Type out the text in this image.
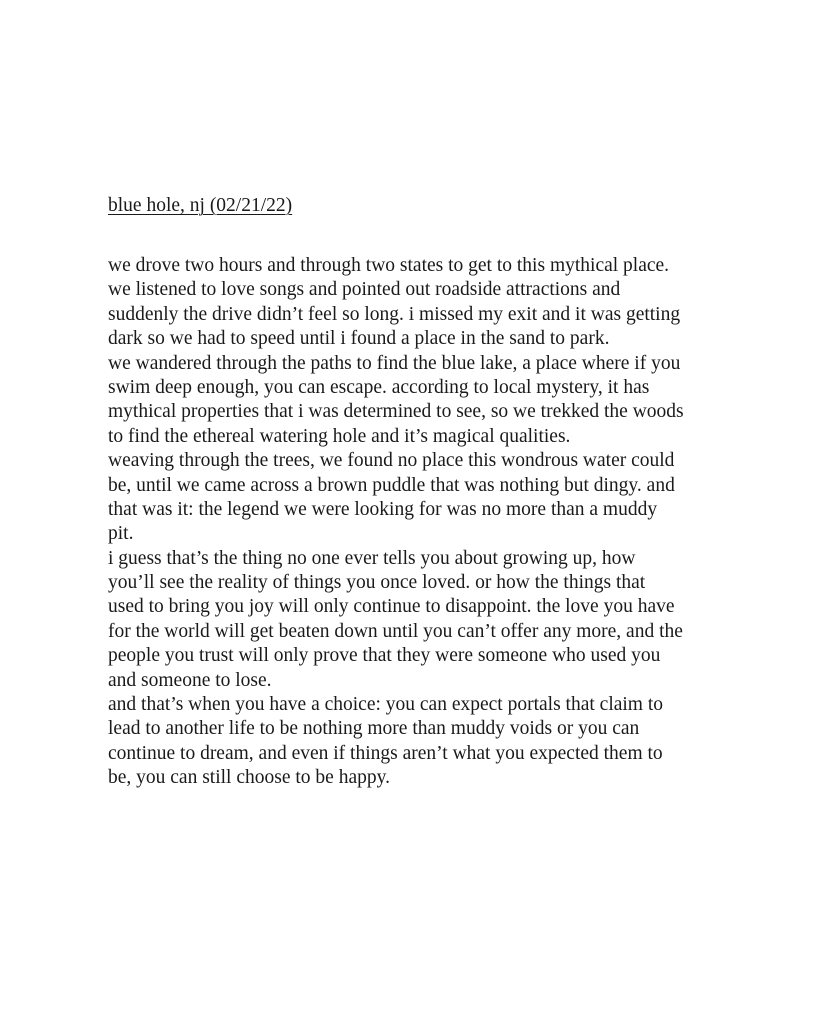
blue hole, nj (02/21/22)
we drove two hours and through two states to get to this mythical place.
we listened to love songs and pointed out roadside attractions and
suddenly the drive didn’t feel so long. i missed my exit and it was getting
dark so we had to speed until i found a place in the sand to park.
we wandered through the paths to find the blue lake, a place where if you
swim deep enough, you can escape. according to local mystery, it has
mythical properties that i was determined to see, so we trekked the woods
to find the ethereal watering hole and it’s magical qualities.
weaving through the trees, we found no place this wondrous water could
be, until we came across a brown puddle that was nothing but dingy. and
that was it: the legend we were looking for was no more than a muddy
pit.
i guess that’s the thing no one ever tells you about growing up, how
you’ll see the reality of things you once loved. or how the things that
used to bring you joy will only continue to disappoint. the love you have
for the world will get beaten down until you can’t offer any more, and the
people you trust will only prove that they were someone who used you
and someone to lose.
and that’s when you have a choice: you can expect portals that claim to
lead to another life to be nothing more than muddy voids or you can
continue to dream, and even if things aren’t what you expected them to
be, you can still choose to be happy.
